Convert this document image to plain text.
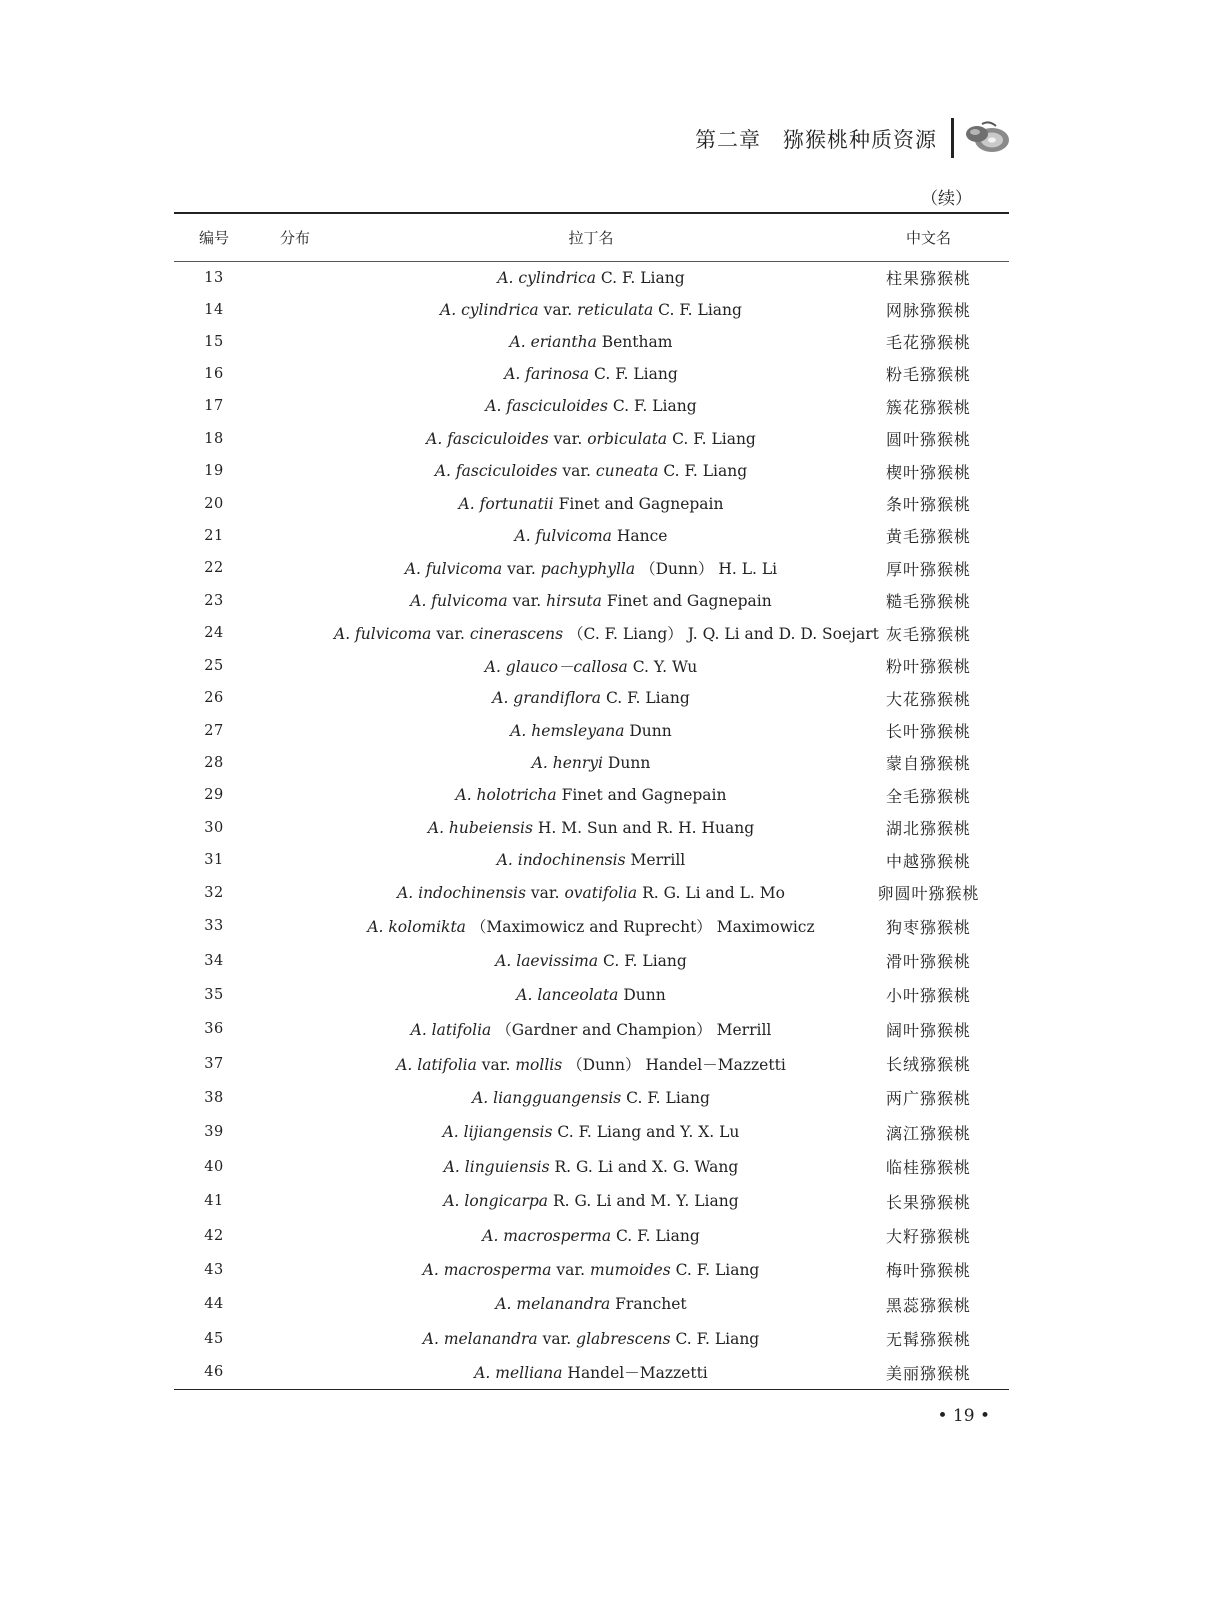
第二章 猕猴桃种质资源
（续）
编号	分布	拉丁名	中文名
13		A. cylindrica C. F. Liang	柱果猕猴桃
14		A. cylindrica var. reticulata C. F. Liang	网脉猕猴桃
15		A. eriantha Bentham	毛花猕猴桃
16		A. farinosa C. F. Liang	粉毛猕猴桃
17		A. fasciculoides C. F. Liang	簇花猕猴桃
18		A. fasciculoides var. orbiculata C. F. Liang	圆叶猕猴桃
19		A. fasciculoides var. cuneata C. F. Liang	楔叶猕猴桃
20		A. fortunatii Finet and Gagnepain	条叶猕猴桃
21		A. fulvicoma Hance	黄毛猕猴桃
22		A. fulvicoma var. pachyphylla （Dunn） H. L. Li	厚叶猕猴桃
23		A. fulvicoma var. hirsuta Finet and Gagnepain	糙毛猕猴桃
24		A. fulvicoma var. cinerascens （C. F. Liang） J. Q. Li and D. D. Soejart	灰毛猕猴桃
25		A. glauco－callosa C. Y. Wu	粉叶猕猴桃
26		A. grandiflora C. F. Liang	大花猕猴桃
27		A. hemsleyana Dunn	长叶猕猴桃
28		A. henryi Dunn	蒙自猕猴桃
29		A. holotricha Finet and Gagnepain	全毛猕猴桃
30		A. hubeiensis H. M. Sun and R. H. Huang	湖北猕猴桃
31		A. indochinensis Merrill	中越猕猴桃
32		A. indochinensis var. ovatifolia R. G. Li and L. Mo	卵圆叶猕猴桃
33		A. kolomikta （Maximowicz and Ruprecht） Maximowicz	狗枣猕猴桃
34		A. laevissima C. F. Liang	滑叶猕猴桃
35		A. lanceolata Dunn	小叶猕猴桃
36		A. latifolia （Gardner and Champion） Merrill	阔叶猕猴桃
37		A. latifolia var. mollis （Dunn） Handel－Mazzetti	长绒猕猴桃
38		A. liangguangensis C. F. Liang	两广猕猴桃
39		A. lijiangensis C. F. Liang and Y. X. Lu	漓江猕猴桃
40		A. linguiensis R. G. Li and X. G. Wang	临桂猕猴桃
41		A. longicarpa R. G. Li and M. Y. Liang	长果猕猴桃
42		A. macrosperma C. F. Liang	大籽猕猴桃
43		A. macrosperma var. mumoides C. F. Liang	梅叶猕猴桃
44		A. melanandra Franchet	黑蕊猕猴桃
45		A. melanandra var. glabrescens C. F. Liang	无髯猕猴桃
46		A. melliana Handel－Mazzetti	美丽猕猴桃
• 19 •
